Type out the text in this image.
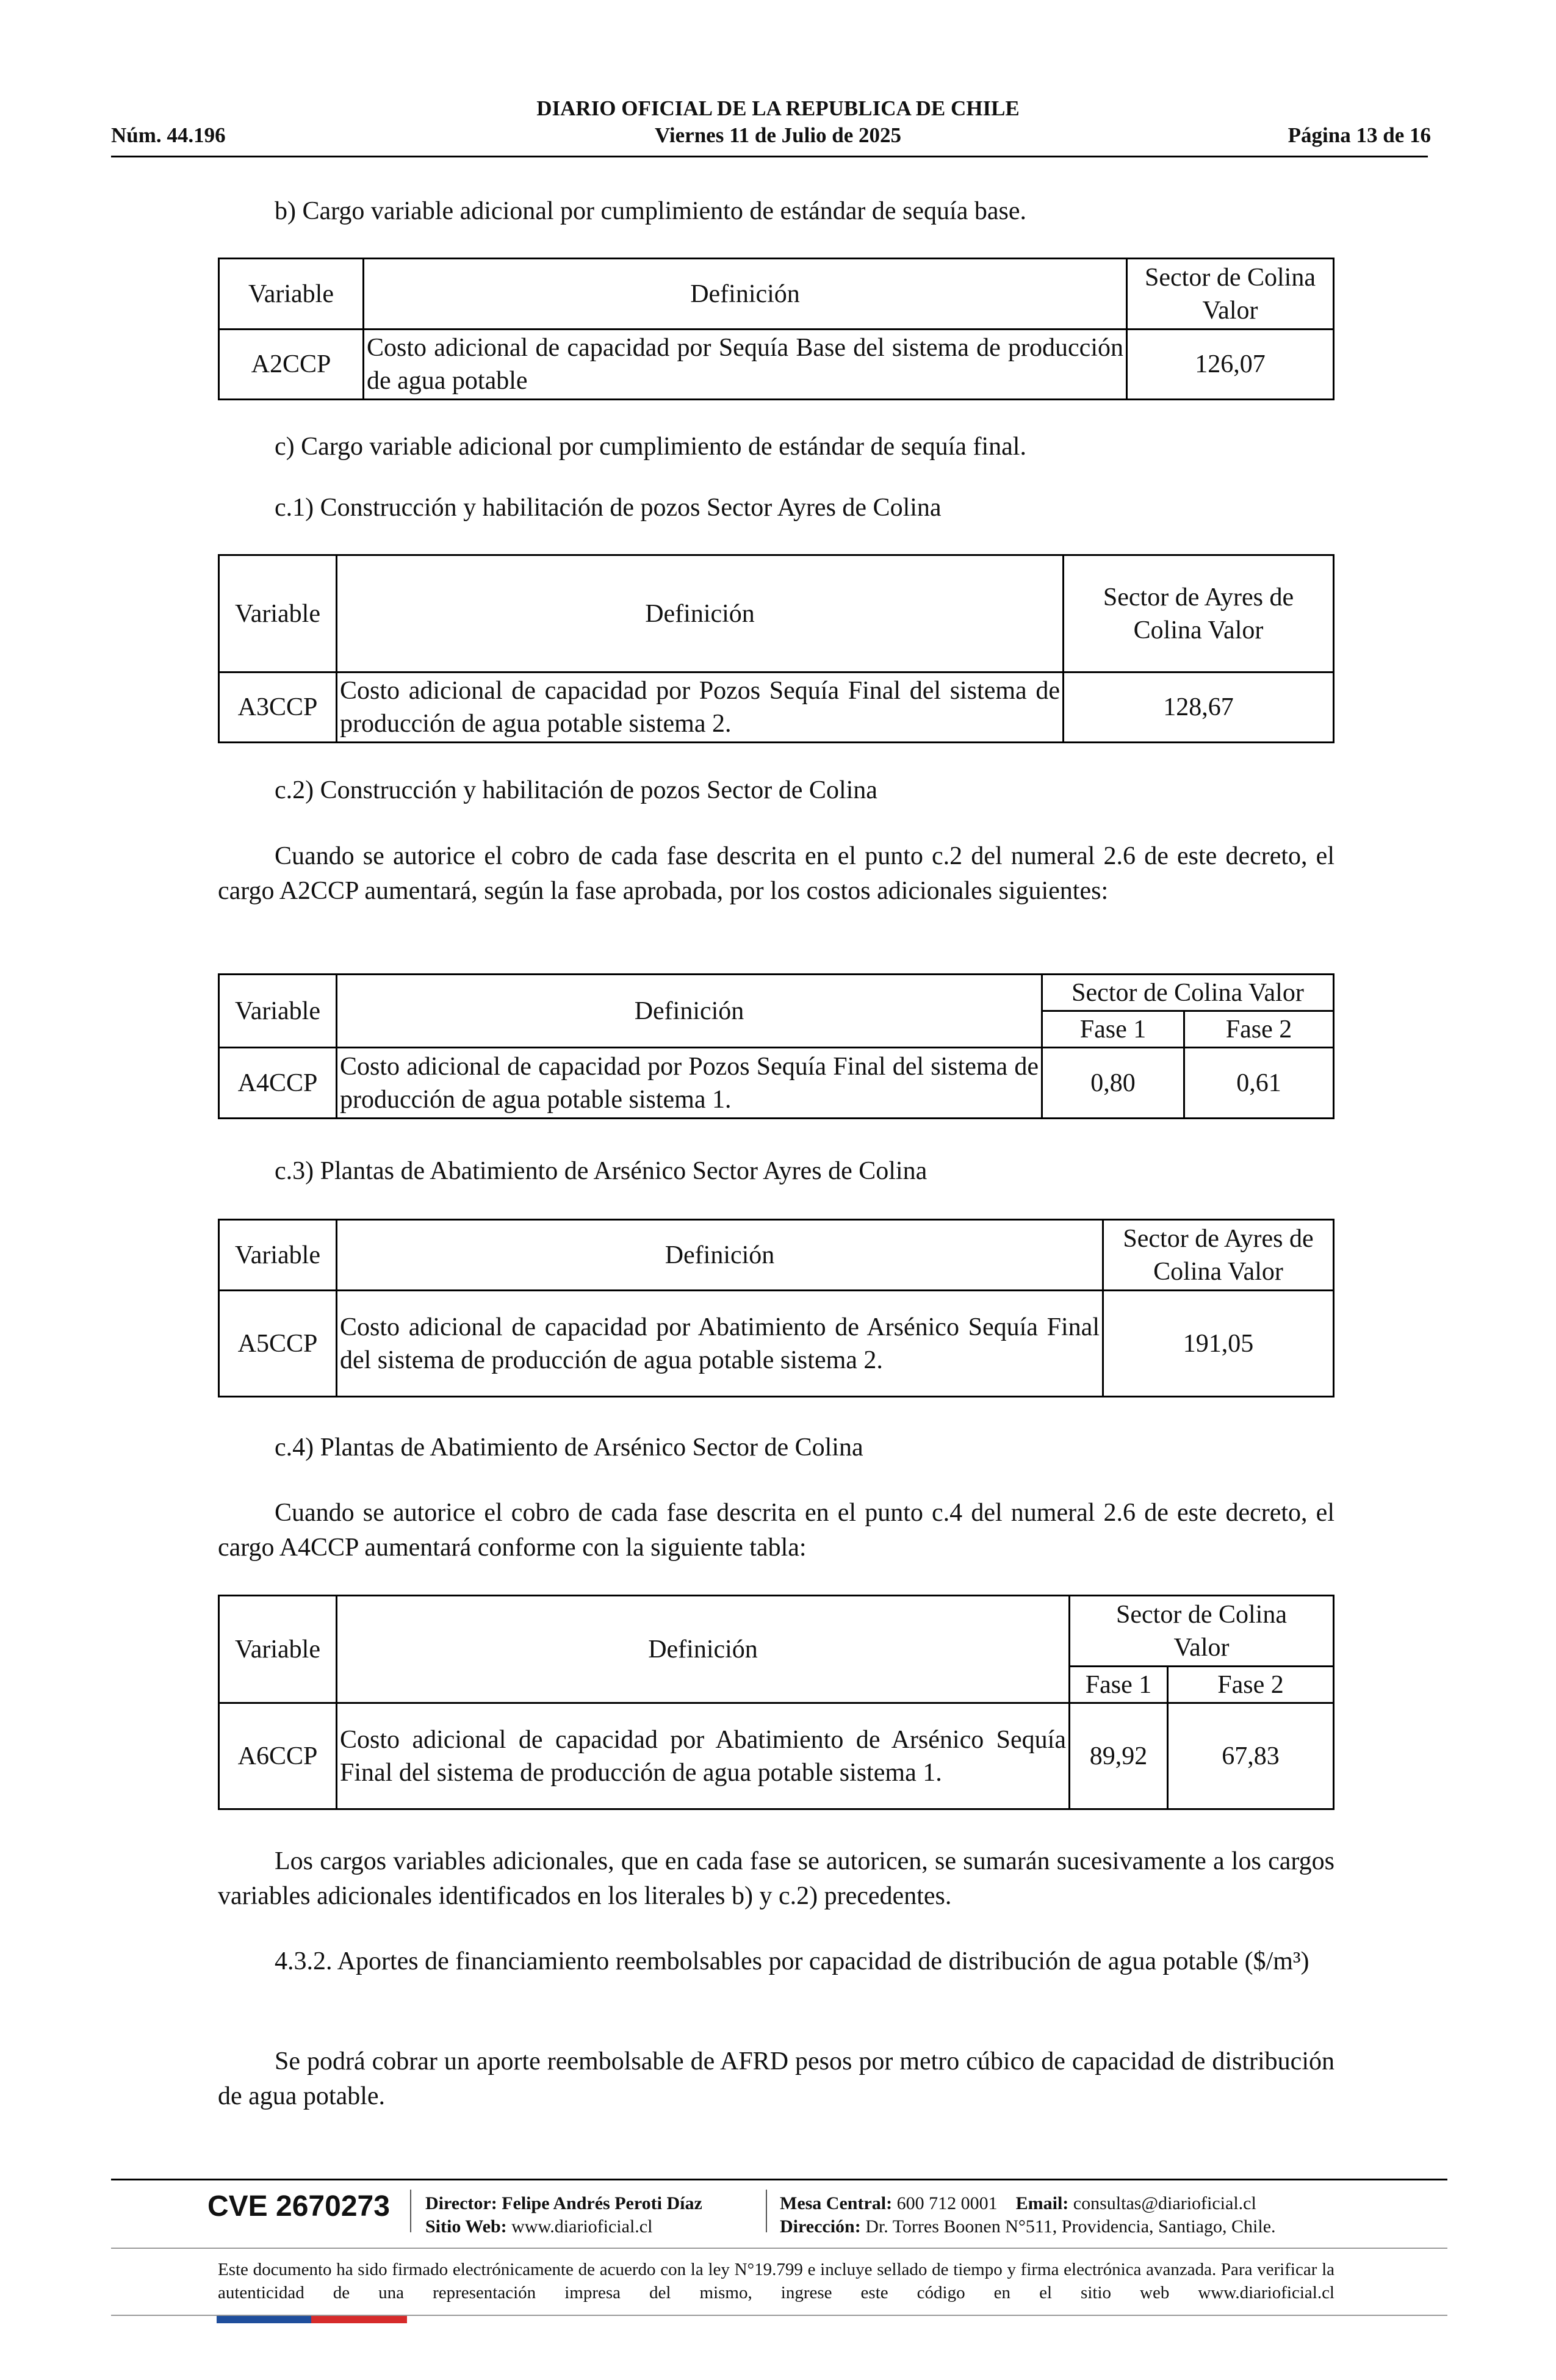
DIARIO OFICIAL DE LA REPUBLICA DE CHILE
Núm. 44.196	Viernes 11 de Julio de 2025	Página 13 de 16
b) Cargo variable adicional por cumplimiento de estándar de sequía base.
Variable	Definición	Sector de Colina
Valor

A2CCP	Costo adicional de capacidad por Sequía Base del sistema de producción de agua potable	126,07
c) Cargo variable adicional por cumplimiento de estándar de sequía final.
c.1) Construcción y habilitación de pozos Sector Ayres de Colina
Variable	Definición	Sector de Ayres de
Colina Valor

A3CCP	Costo adicional de capacidad por Pozos Sequía Final del sistema de producción de agua potable sistema 2.	128,67
c.2) Construcción y habilitación de pozos Sector de Colina
Cuando se autorice el cobro de cada fase descrita en el punto c.2 del numeral 2.6 de este decreto, el cargo A2CCP aumentará, según la fase aprobada, por los costos adicionales siguientes:
Variable	Definición	Sector de Colina Valor	
		Fase 1	Fase 2
A4CCP	Costo adicional de capacidad por Pozos Sequía Final del sistema de producción de agua potable sistema 1.	0,80	0,61
c.3) Plantas de Abatimiento de Arsénico Sector Ayres de Colina
Variable	Definición	Sector de Ayres de
Colina Valor

A5CCP	Costo adicional de capacidad por Abatimiento de Arsénico Sequía Final del sistema de producción de agua potable sistema 2.	191,05
c.4) Plantas de Abatimiento de Arsénico Sector de Colina
Cuando se autorice el cobro de cada fase descrita en el punto c.4 del numeral 2.6 de este decreto, el cargo A4CCP aumentará conforme con la siguiente tabla:
Variable	Definición	Sector de Colina
Valor	

		Fase 1	Fase 2
A6CCP	Costo adicional de capacidad por Abatimiento de Arsénico Sequía Final del sistema de producción de agua potable sistema 1.	89,92	67,83
Los cargos variables adicionales, que en cada fase se autoricen, se sumarán sucesivamente a los cargos variables adicionales identificados en los literales b) y c.2) precedentes.
4.3.2. Aportes de financiamiento reembolsables por capacidad de distribución de agua potable ($/m³)
Se podrá cobrar un aporte reembolsable de AFRD pesos por metro cúbico de capacidad de distribución de agua potable.
CVE 2670273 Director: Felipe Andrés Peroti Díaz
Sitio Web: www.diarioficial.cl
Mesa Central: 600 712 0001 Email: consultas@diarioficial.cl
Dirección: Dr. Torres Boonen N°511, Providencia, Santiago, Chile.
Este documento ha sido firmado electrónicamente de acuerdo con la ley N°19.799 e incluye sellado de tiempo y firma electrónica avanzada. Para verificar la autenticidad de una representación impresa del mismo, ingrese este código en el sitio web www.diarioficial.cl
